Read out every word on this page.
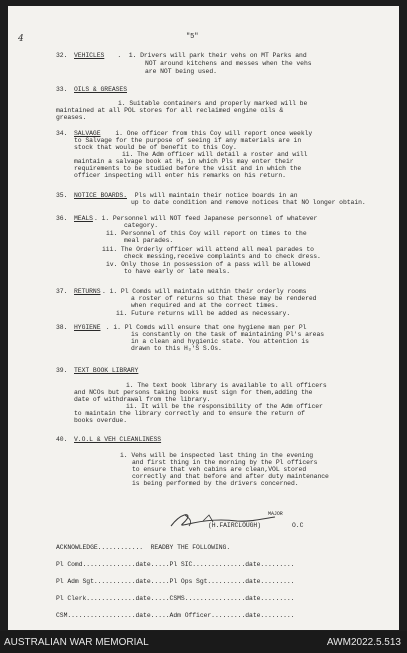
4	"5"
32. VEHICLES .  1. Drivers will park their vehs on MT Parks and
NOT around kitchens and messes when the vehs
are NOT being used.
33. OILS & GREASES
i. Suitable containers and properly marked will be
maintained at all POL stores for all reclaimed engine oils &
greases.
34. SALVAGE i. One officer from this Coy will report once weekly
to Salvage for the purpose of seeing if any materials are in
stock that would be of benefit to this Coy.
ii. The Adm officer will detail a roster and will
maintain a salvage book at H₃ in which Pls may enter their
requirements to be studied before the visit and in which the
officer inspecting will enter his remarks on his return.
35. NOTICE BOARDS. Pls will maintain their notice boards in an
up to date condition and remove notices that NO longer obtain.
36. MEALS . i. Personnel will NOT feed Japanese personnel of whatever
category.
ii. Personnel of this Coy will report on times to the
meal parades.
iii. The Orderly officer will attend all meal parades to
check messing,receive complaints and to check dress.
iv. Only those in possession of a pass will be allowed
to have early or late meals.
37. RETURNS . i. Pl Comds will maintain within their orderly rooms
a roster of returns so that these may be rendered
when required and at the correct times.
ii. Future returns will be added as necessary.
38. HYGIENE . i. Pl Comds will ensure that one hygiene man per Pl
is constantly on the task of maintaining Pl's areas
in a clean and hygienic state. You attention is
drawn to this H₃'S S.Os.
39. TEXT BOOK LIBRARY
i. The text book library is available to all officers
and NCOs but persons taking books must sign for them,adding the
date of withdrawal from the library.
ii. It will be the responsibility of the Adm officer
to maintain the library correctly and to ensure the return of
books overdue.
40. V.O.L & VEH CLEANLINESS
i. Vehs will be inspected last thing in the evening
and first thing in the morning by the Pl officers
to ensure that veh cabins are clean,VOL stored
correctly and that before and after duty maintenance
is being performed by the drivers concerned.
MAJOR
(H.FAIRCLOUGH)	O.C
ACKNOWLEDGE............  READBY THE FOLLOWING.
Pl Comd..............date.....Pl SIC..............date.........
Pl Adm Sgt...........date.....Pl Ops Sgt..........date.........
Pl Clerk.............date.....CSMS................date.........
CSM..................date.....Adm Officer.........date.........
AUSTRALIAN WAR MEMORIAL	AWM2022.5.513
